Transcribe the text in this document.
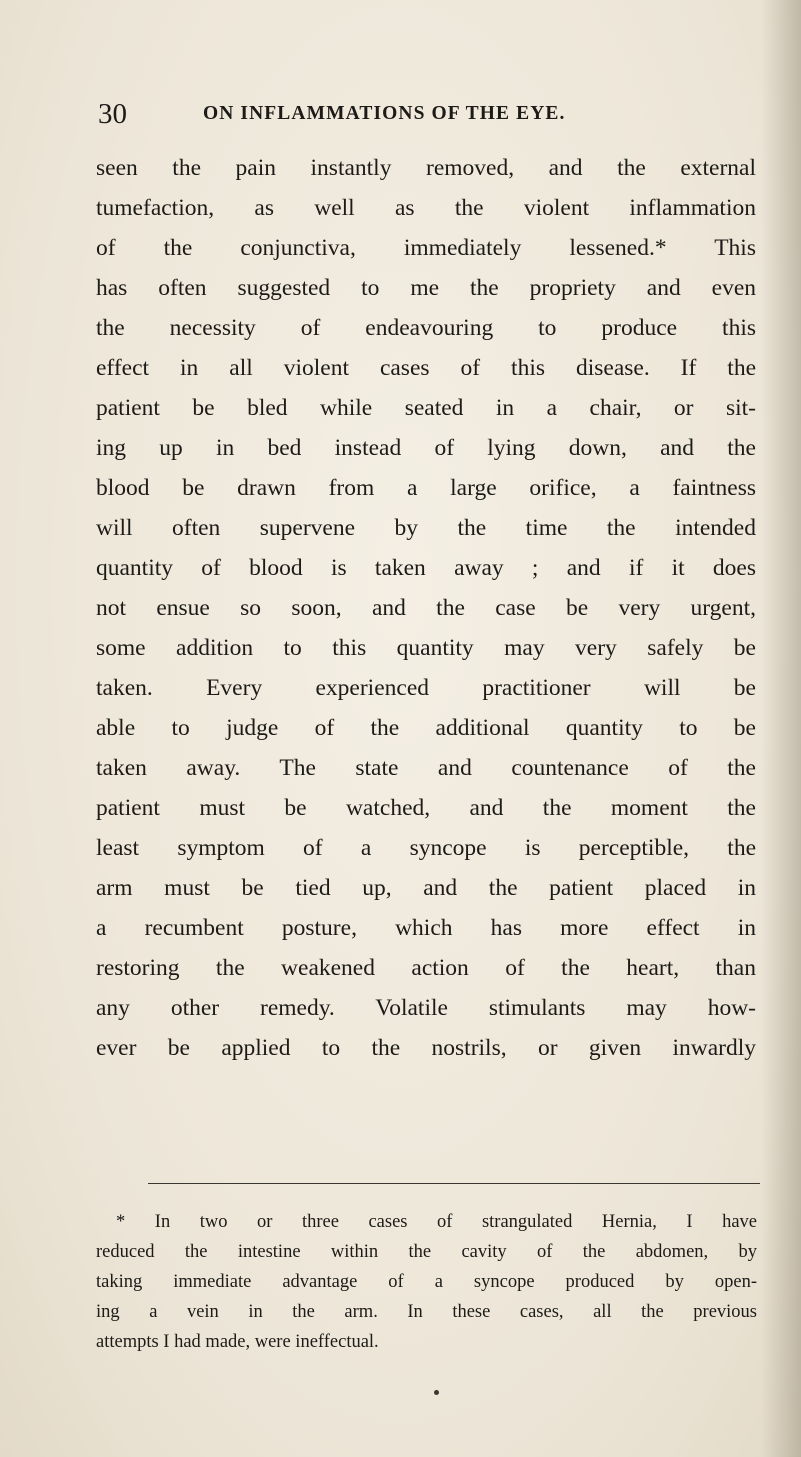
30	ON INFLAMMATIONS OF THE EYE.
seen the pain instantly removed, and the external
tumefaction, as well as the violent inflammation
of the conjunctiva, immediately lessened.* This
has often suggested to me the propriety and even
the necessity of endeavouring to produce this
effect in all violent cases of this disease. If the
patient be bled while seated in a chair, or sit-
ing up in bed instead of lying down, and the
blood be drawn from a large orifice, a faintness
will often supervene by the time the intended
quantity of blood is taken away ; and if it does
not ensue so soon, and the case be very urgent,
some addition to this quantity may very safely be
taken. Every experienced practitioner will be
able to judge of the additional quantity to be
taken away. The state and countenance of the
patient must be watched, and the moment the
least symptom of a syncope is perceptible, the
arm must be tied up, and the patient placed in
a recumbent posture, which has more effect in
restoring the weakened action of the heart, than
any other remedy. Volatile stimulants may how-
ever be applied to the nostrils, or given inwardly
* In two or three cases of strangulated Hernia, I have
reduced the intestine within the cavity of the abdomen, by
taking immediate advantage of a syncope produced by open-
ing a vein in the arm. In these cases, all the previous
attempts I had made, were ineffectual.
